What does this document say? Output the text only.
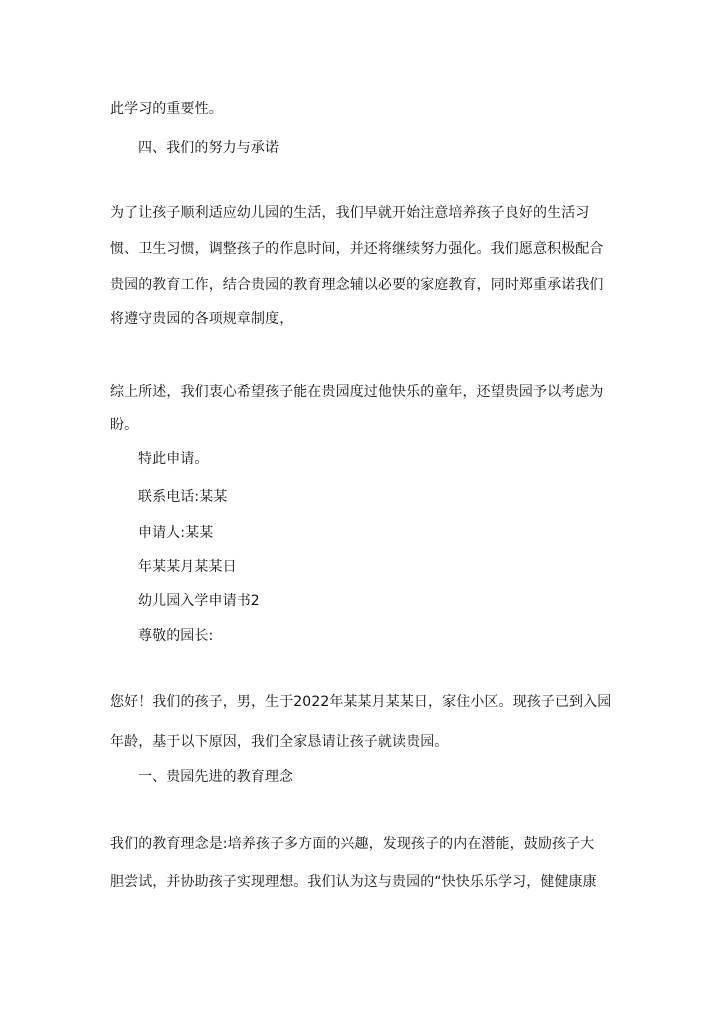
此学习的重要性。
四、我们的努力与承诺
为了让孩子顺利适应幼儿园的生活，我们早就开始注意培养孩子良好的生活习
惯、卫生习惯，调整孩子的作息时间，并还将继续努力强化。我们愿意积极配合
贵园的教育工作，结合贵园的教育理念辅以必要的家庭教育，同时郑重承诺我们
将遵守贵园的各项规章制度，
综上所述，我们衷心希望孩子能在贵园度过他快乐的童年，还望贵园予以考虑为
盼。
特此申请。
联系电话:某某
申请人:某某
年某某月某某日
幼儿园入学申请书2
尊敬的园长:
您好！我们的孩子，男，生于2022年某某月某某日，家住小区。现孩子已到入园
年龄，基于以下原因，我们全家恳请让孩子就读贵园。
一、贵园先进的教育理念
我们的教育理念是:培养孩子多方面的兴趣，发现孩子的内在潜能，鼓励孩子大
胆尝试，并协助孩子实现理想。我们认为这与贵园的“快快乐乐学习，健健康康
